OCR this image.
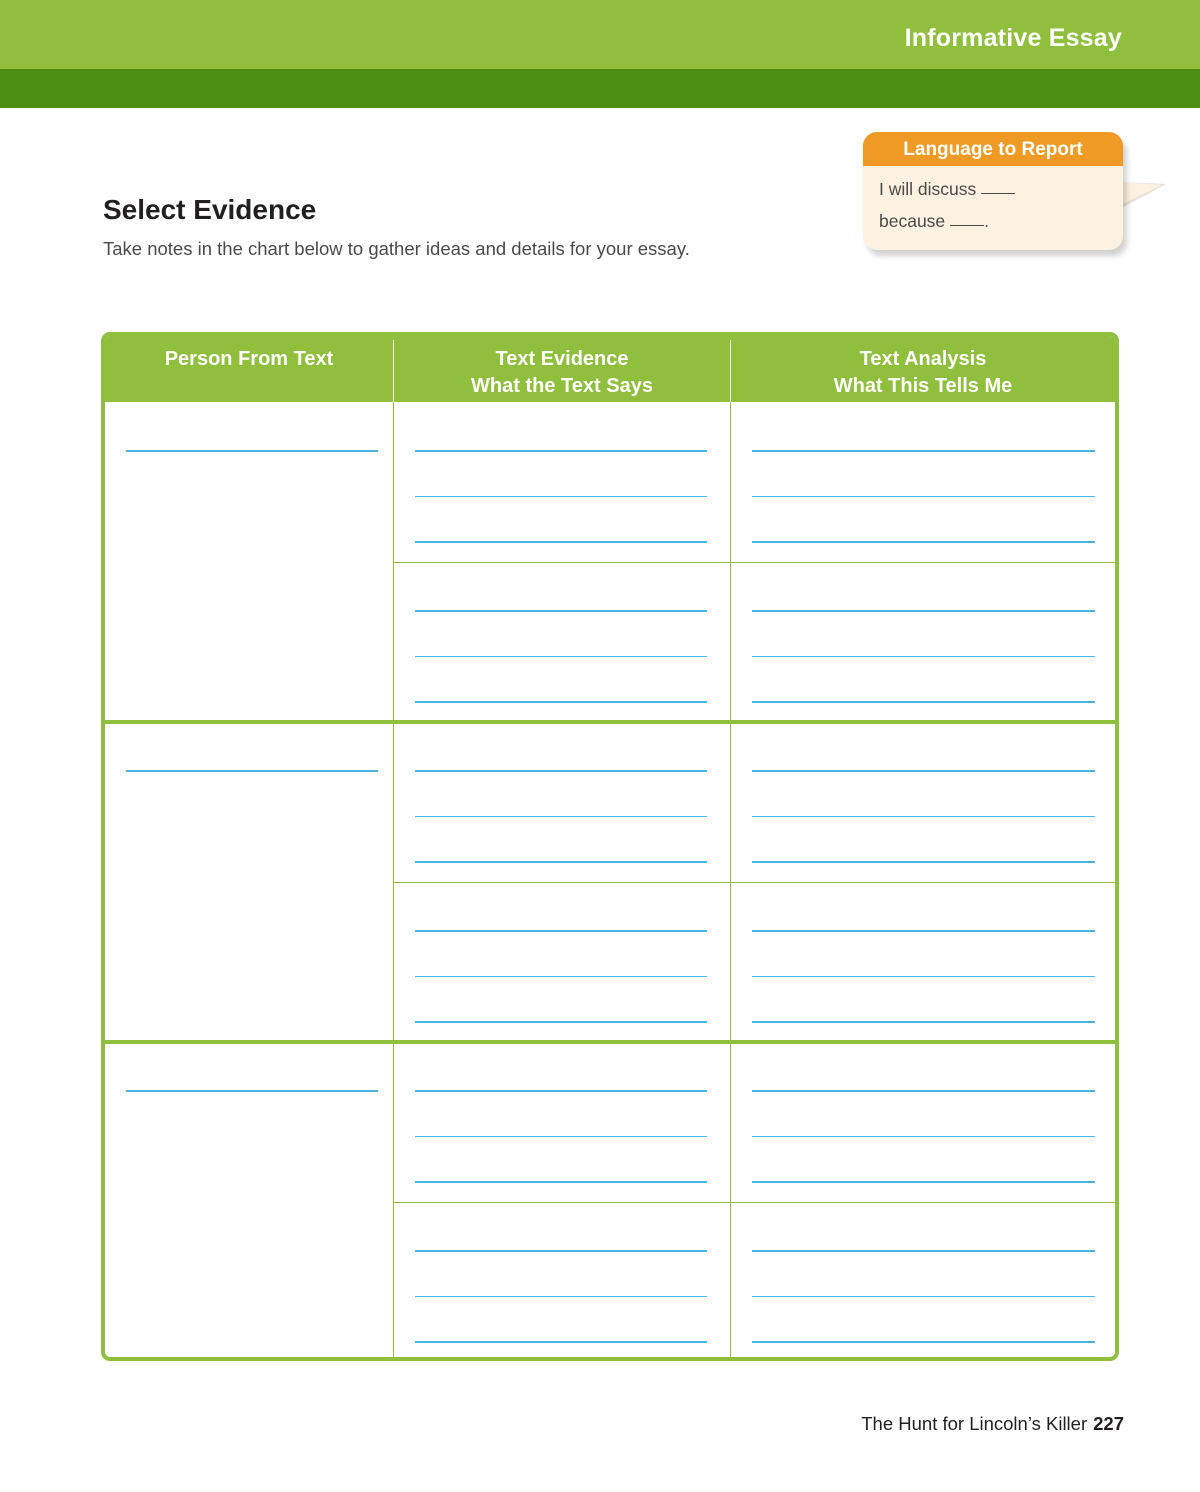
Informative Essay
Select Evidence
Take notes in the chart below to gather ideas and details for your essay.
Language to Report
I will discuss
because .
Person From Text	Text Evidence
What the Text Says
Text Analysis
What This Tells Me
The Hunt for Lincoln’s Killer 227
